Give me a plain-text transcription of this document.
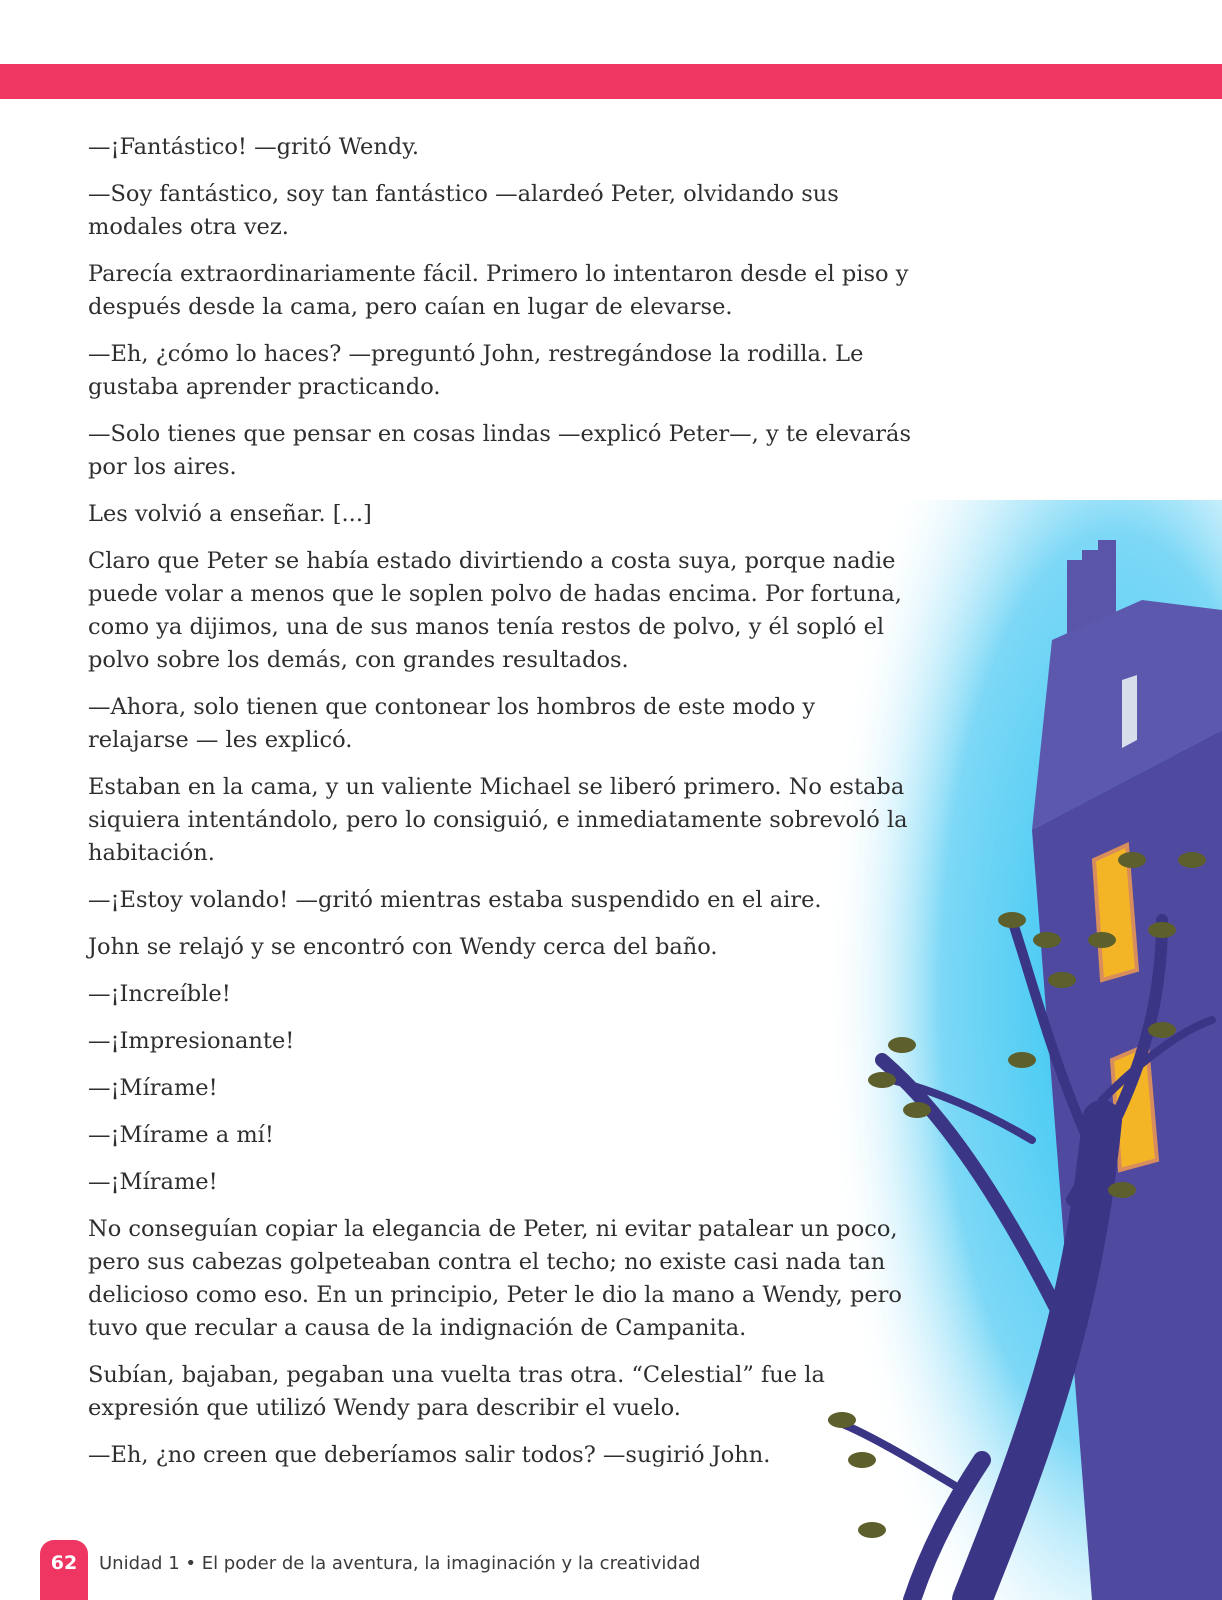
—¡Fantástico! —gritó Wendy.

—Soy fantástico, soy tan fantástico —alardeó Peter, olvidando sus modales otra vez.

Parecía extraordinariamente fácil. Primero lo intentaron desde el piso y después desde la cama, pero caían en lugar de elevarse.

—Eh, ¿cómo lo haces? —preguntó John, restregándose la rodilla. Le gustaba aprender practicando.

—Solo tienes que pensar en cosas lindas —explicó Peter—, y te elevarás por los aires.

Les volvió a enseñar. [...]

Claro que Peter se había estado divirtiendo a costa suya, porque nadie puede volar a menos que le soplen polvo de hadas encima. Por fortuna, como ya dijimos, una de sus manos tenía restos de polvo, y él sopló el polvo sobre los demás, con grandes resultados.

—Ahora, solo tienen que contonear los hombros de este modo y relajarse — les explicó.

Estaban en la cama, y un valiente Michael se liberó primero. No estaba siquiera intentándolo, pero lo consiguió, e inmediatamente sobrevoló la habitación.

—¡Estoy volando! —gritó mientras estaba suspendido en el aire.

John se relajó y se encontró con Wendy cerca del baño.

—¡Increíble!

—¡Impresionante!

—¡Mírame!

—¡Mírame a mí!

—¡Mírame!

No conseguían copiar la elegancia de Peter, ni evitar patalear un poco, pero sus cabezas golpeteaban contra el techo; no existe casi nada tan delicioso como eso. En un principio, Peter le dio la mano a Wendy, pero tuvo que recular a causa de la indignación de Campanita.

Subían, bajaban, pegaban una vuelta tras otra. “Celestial” fue la expresión que utilizó Wendy para describir el vuelo.

—Eh, ¿no creen que deberíamos salir todos? —sugirió John.

62	Unidad 1 • El poder de la aventura, la imaginación y la creatividad
